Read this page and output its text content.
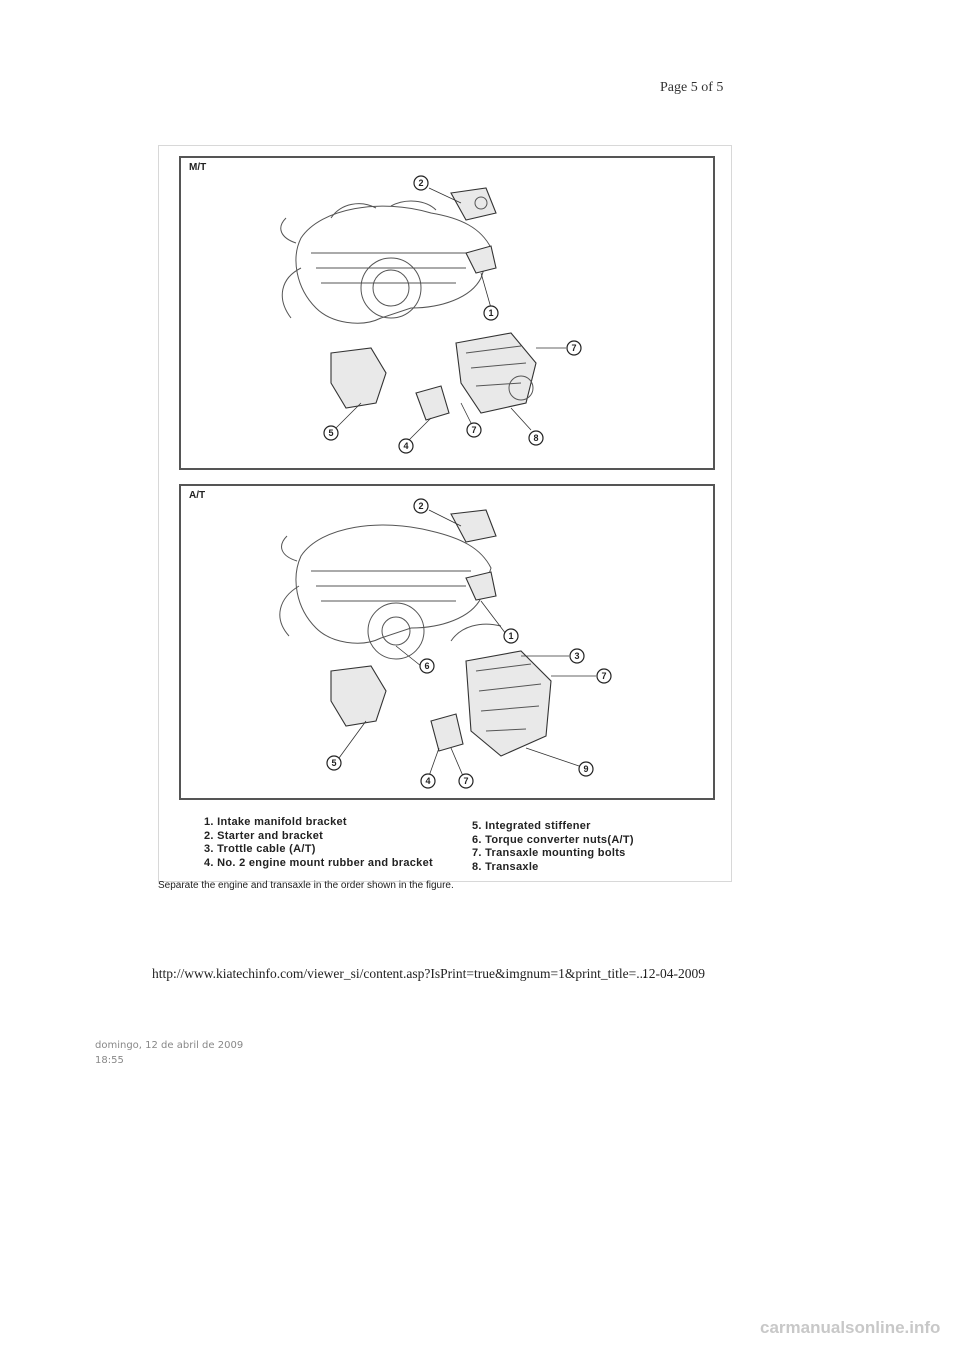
Page 5 of 5
M/T
2
1
7
5
4
7
8
A/T
2
1
3
7
6
5
4	7
9
1. Intake manifold bracket
2. Starter and bracket
3. Trottle cable (A/T)
4. No. 2 engine mount rubber and bracket
5. Integrated stiffener
6. Torque converter nuts(A/T)
7. Transaxle mounting bolts
8. Transaxle
Separate the engine and transaxle in the order shown in the figure.
http://www.kiatechinfo.com/viewer_si/content.asp?IsPrint=true&imgnum=1&print_title=...
12-04-2009
domingo, 12 de abril de 2009
18:55
carmanualsonline.info
